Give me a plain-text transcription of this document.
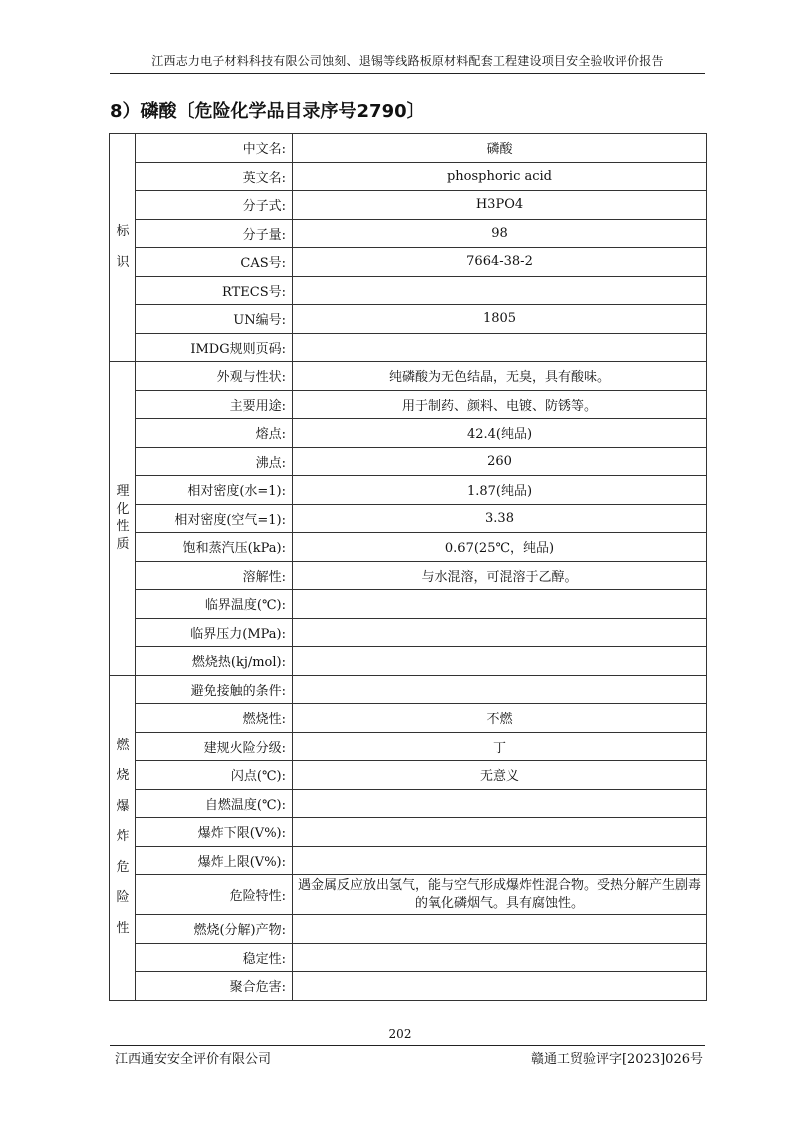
江西志力电子材料科技有限公司蚀刻、退锡等线路板原材料配套工程建设项目安全验收评价报告
8）磷酸〔危险化学品目录序号2790〕
标识	中文名:	磷酸
	英文名:	phosphoric acid
	分子式:	H3PO4
	分子量:	98
	CAS号:	7664-38-2
	RTECS号:	
	UN编号:	1805
	IMDG规则页码:	
理化性质	外观与性状:	纯磷酸为无色结晶，无臭，具有酸味。
	主要用途:	用于制药、颜料、电镀、防锈等。
	熔点:	42.4(纯品)
	沸点:	260
	相对密度(水=1):	1.87(纯品)
	相对密度(空气=1):	3.38
	饱和蒸汽压(kPa):	0.67(25℃，纯品)
	溶解性:	与水混溶，可混溶于乙醇。
	临界温度(℃):	
	临界压力(MPa):	
	燃烧热(kj/mol):	
燃烧爆炸危险性	避免接触的条件:	
	燃烧性:	不燃
	建规火险分级:	丁
	闪点(℃):	无意义
	自燃温度(℃):	
	爆炸下限(V%):	
	爆炸上限(V%):	
	危险特性:	遇金属反应放出氢气，能与空气形成爆炸性混合物。受热分解产生剧毒的氧化磷烟气。具有腐蚀性。
	燃烧(分解)产物:	
	稳定性:	
	聚合危害:	
202
江西通安安全评价有限公司	赣通工贸验评字[2023]026号
